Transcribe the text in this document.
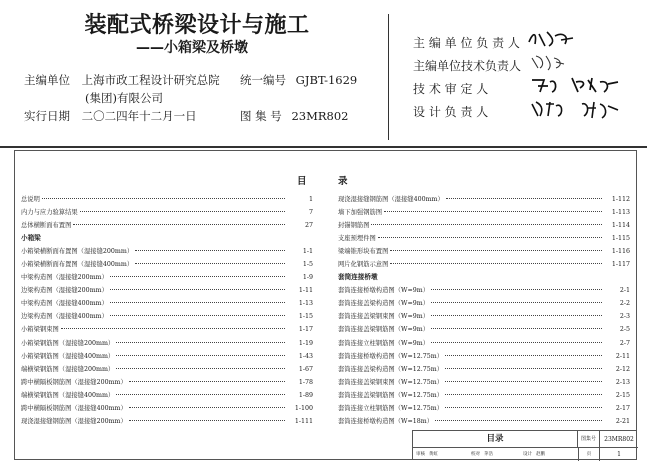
装配式桥梁设计与施工
——小箱梁及桥墩
主编单位 上海市政工程设计研究总院
(集团)有限公司
统一编号 GJBT-1629
实行日期 二〇二四年十二月一日	图 集 号 23MR802
主 编 单 位 负 责 人
主编单位技术负责人
技 术 审 定 人
设 计 负 责 人
目	录
总说明	1
内力与应力验算结果	7
总体横断面布置图	27
小箱梁
小箱梁横断面布置图（湿接缝200mm）	1-1
小箱梁横断面布置图（湿接缝400mm）	1-5
中梁构造图（湿接缝200mm）	1-9
边梁构造图（湿接缝200mm）	1-11
中梁构造图（湿接缝400mm）	1-13
边梁构造图（湿接缝400mm）	1-15
小箱梁钢束图	1-17
小箱梁钢筋图（湿接缝200mm）	1-19
小箱梁钢筋图（湿接缝400mm）	1-43
端横梁钢筋图（湿接缝200mm）	1-67
跨中横隔板钢筋图（湿接缝200mm）	1-78
端横梁钢筋图（湿接缝400mm）	1-89
跨中横隔板钢筋图（湿接缝400mm）	1-100
现浇湿接缝钢筋图（湿接缝200mm）	1-111
现浇湿接缝钢筋图（湿接缝400mm）	1-112
墙下加强钢筋图	1-113
封锚钢筋图	1-114
支座预埋件图	1-115
梁端锥形块布置图	1-116
网片化钢筋示意图	1-117
套筒连接桥墩
套筒连接桥墩构造图（W=9m）	2-1
套筒连接盖梁构造图（W=9m）	2-2
套筒连接盖梁钢束图（W=9m）	2-3
套筒连接盖梁钢筋图（W=9m）	2-5
套筒连接立柱钢筋图（W=9m）	2-7
套筒连接桥墩构造图（W=12.75m）	2-11
套筒连接盖梁构造图（W=12.75m）	2-12
套筒连接盖梁钢束图（W=12.75m）	2-13
套筒连接盖梁钢筋图（W=12.75m）	2-15
套筒连接立柱钢筋图（W=12.75m）	2-17
套筒连接桥墩构造图（W=18m）	2-21
目录	图集号	23MR802
审核 黄虹	校对 茅浩	设计 赵鹏	页	1
